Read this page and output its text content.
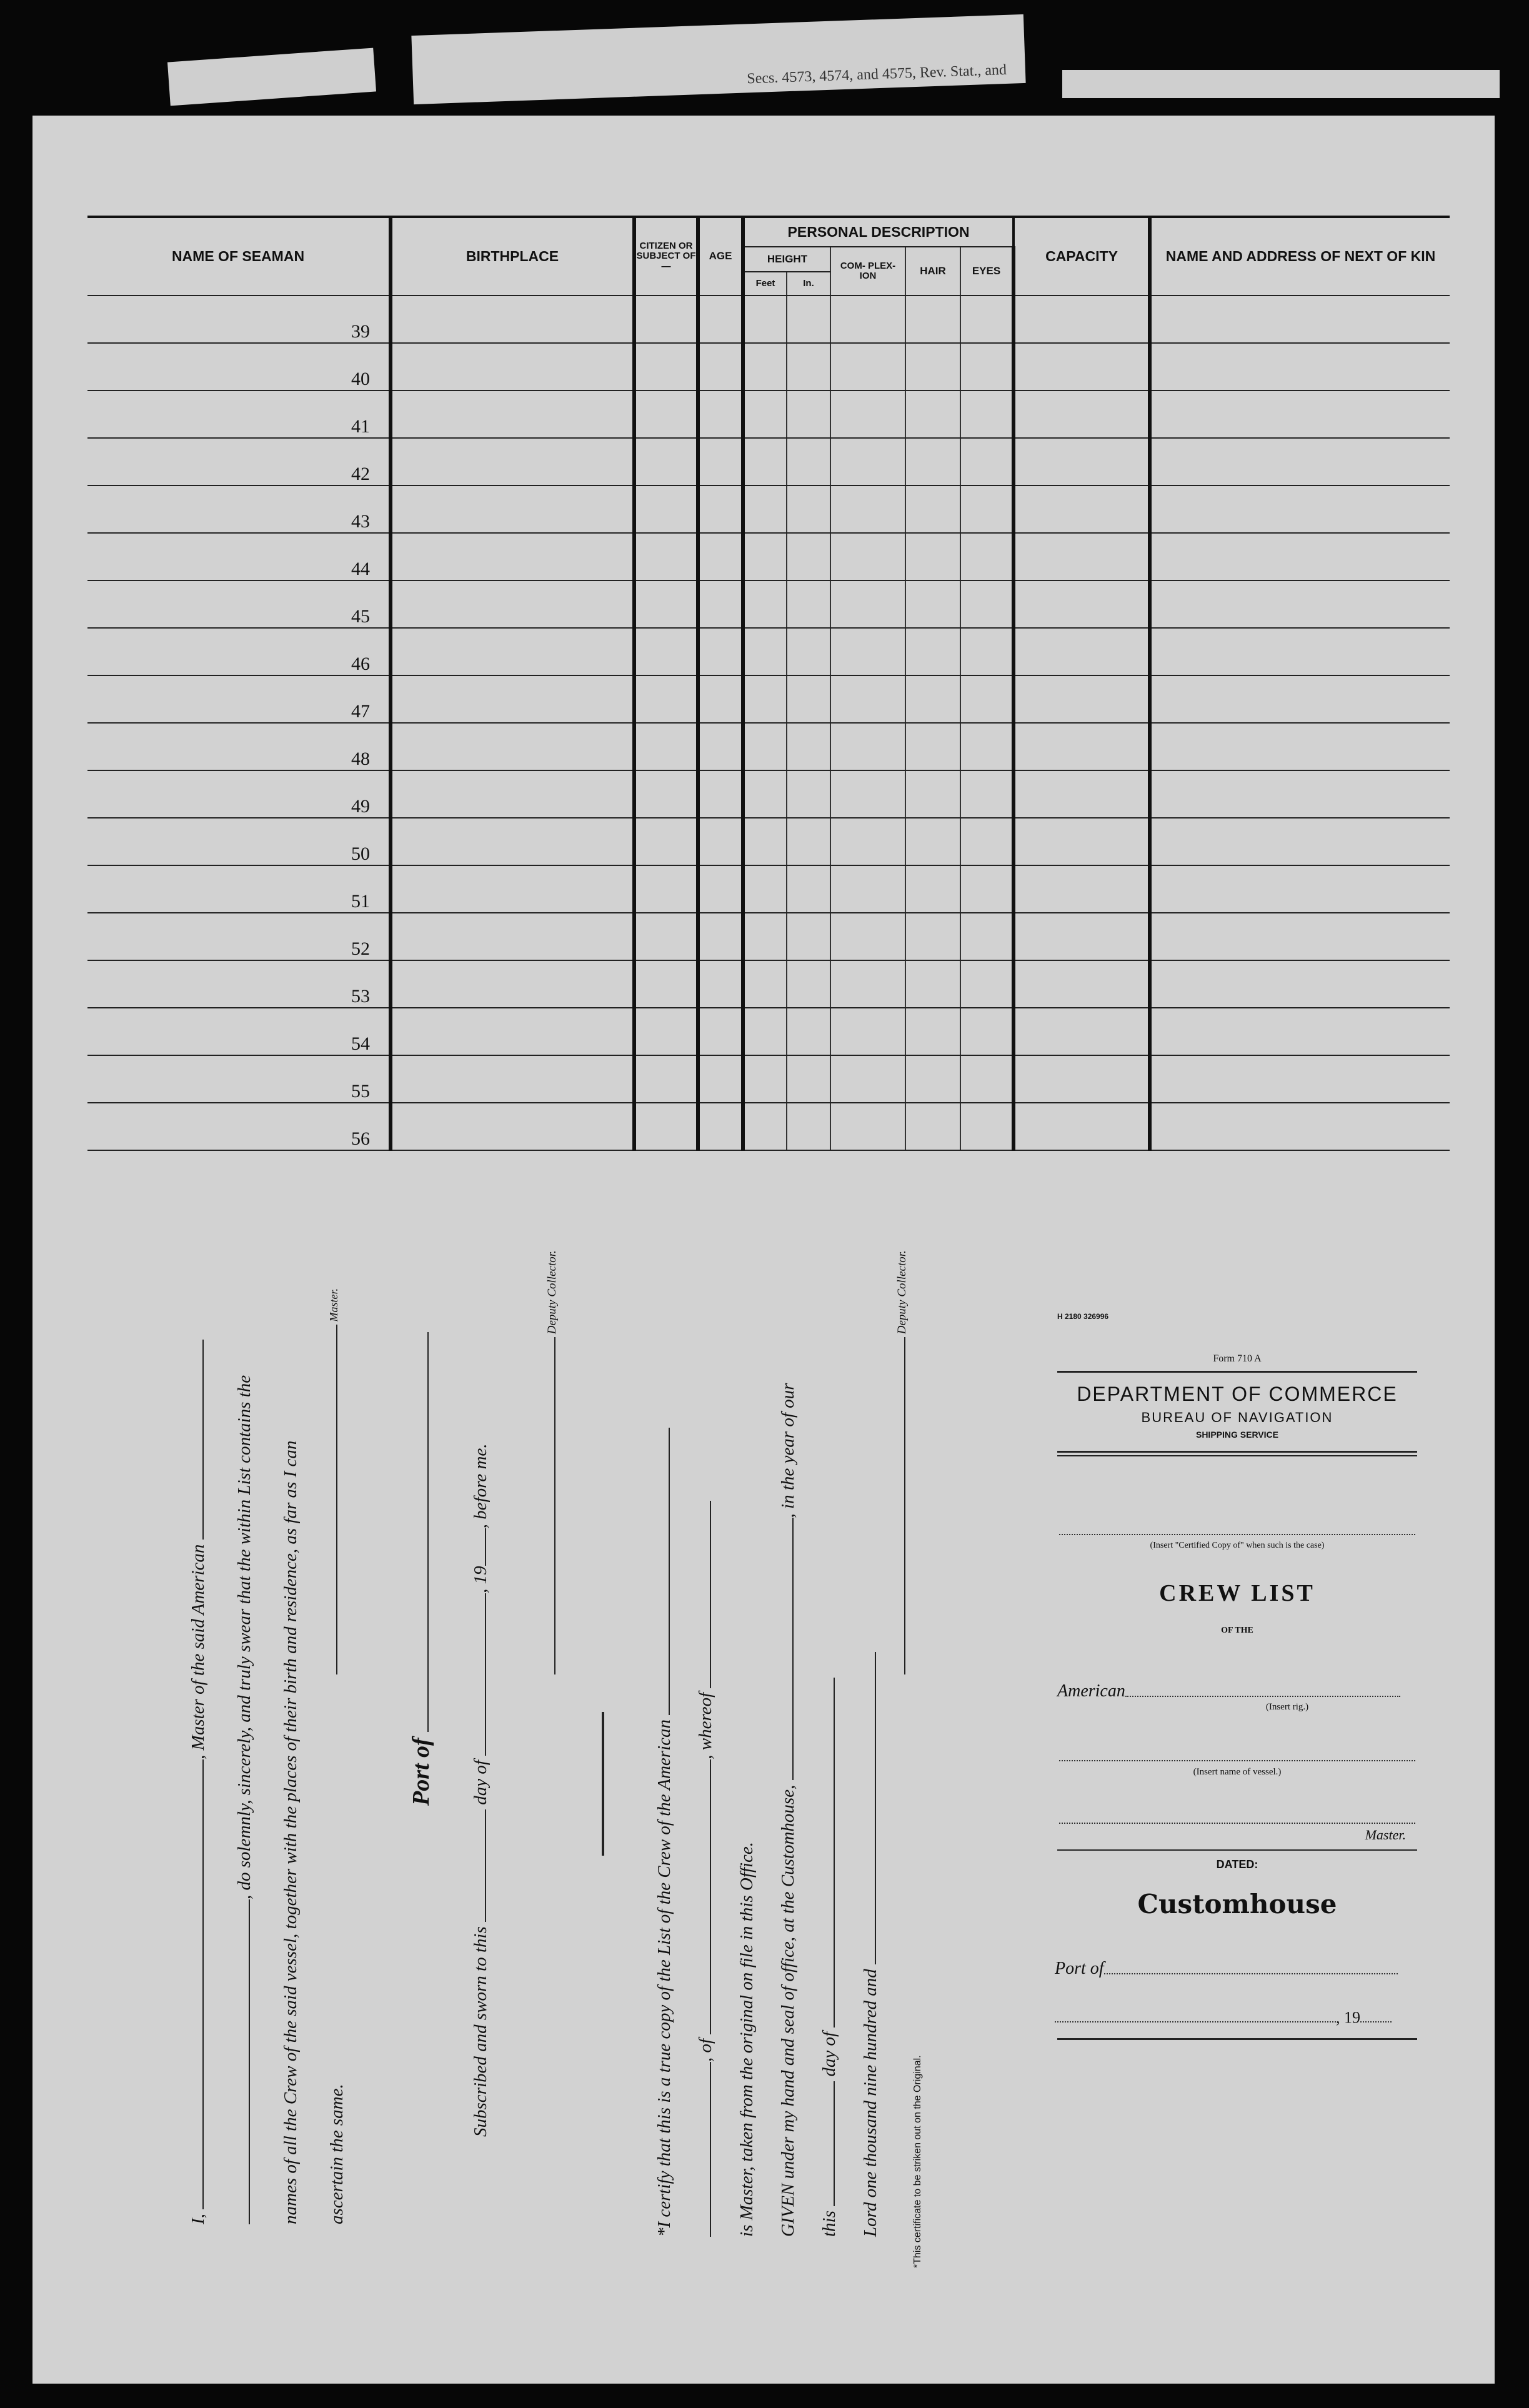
Secs. 4573, 4574, and 4575, Rev. Stat., and
NAME OF SEAMAN	BIRTHPLACE	CITIZEN OR SUBJECT OF—	AGE	PERSONAL DESCRIPTION					CAPACITY	NAME AND ADDRESS OF NEXT OF KIN
				HEIGHT		COM- PLEX- ION	HAIR	EYES		
				Feet	In.					
39										
40										
41										
42										
43										
44										
45										
46										
47										
48										
49										
50										
51										
52										
53										
54										
55										
56										
I, , Master of the said American	, do solemnly, sincerely, and truly swear that the within List contains the	names of all the Crew of the said vessel, together with the places of their birth and residence, as far as I can	ascertain the same.
Master.
Port of
Subscribed and sworn to this  day of , 19, before me.
Deputy Collector.
*I certify that this is a true copy of the List of the Crew of the American	, of , whereof
is Master, taken from the original on file in this Office.	GIVEN under my hand and seal of office, at the Customhouse, , in the year of our
this  day of	Lord one thousand nine hundred and
Deputy Collector.
*This certificate to be striken out on the Original.
H 2180 326996
Form 710 A
DEPARTMENT OF COMMERCE
BUREAU OF NAVIGATION
SHIPPING SERVICE
(Insert "Certified Copy of" when such is the case)
CREW LIST
OF THE
American
(Insert rig.)
(Insert name of vessel.)
Master.
DATED:
Customhouse
Port of
, 19
